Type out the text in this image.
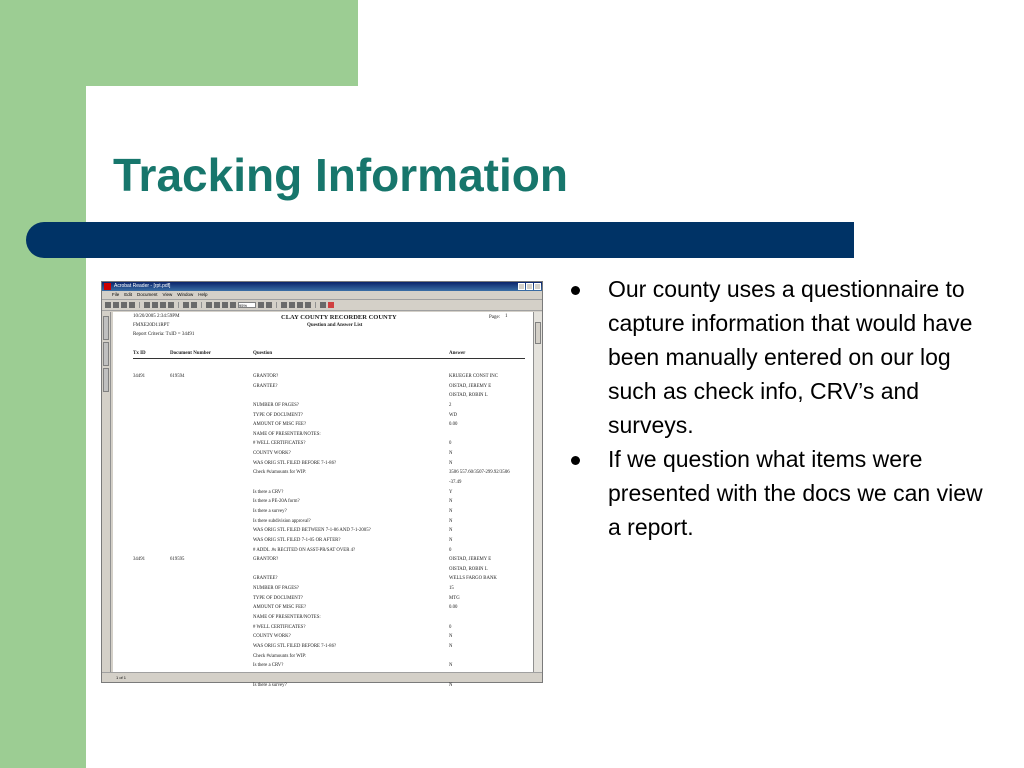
Tracking Information
Acrobat Reader - [rpt.pdf]
File Edit Document View Window Help
95%
10/20/2005 2:34:59PM
FMXE20D11RPT
Report Criteria: TxID = 34491
CLAY COUNTY RECORDER COUNTY
Question and Answer List
Page: 1
Tx ID	Document Number	Question	Answer
34491	619594	GRANTOR?	KRUEGER CONST INC
GRANTEE?	OISTAD, JEREMY E
OISTAD, ROBIN L
NUMBER OF PAGES?	2
TYPE OF DOCUMENT?	WD
AMOUNT OF MISC FEE?	0.00
NAME OF PRESENTER/NOTES:
# WELL CERTIFICATES?	0
COUNTY WORK?	N
WAS ORIG STL FILED BEFORE 7-1-86?	N
Check #s/amounts for WIP:	3506 557.60/3507-299.92/3506
-37.49
Is there a CRV?	Y
Is there a PE-20A form?	N
Is there a survey?	N
Is there subdivision approval?	N
WAS ORIG STL FILED BETWEEN 7-1-86 AND 7-1-2005?	N
WAS ORIG STL FILED 7-1-05 OR AFTER?	N
# ADDL .#s RECITED ON ASST-PR/SAT OVER 4?	0
34491	619595	GRANTOR?	OISTAD, JEREMY E
OISTAD, ROBIN L
GRANTEE?	WELLS FARGO BANK
NUMBER OF PAGES?	15
TYPE OF DOCUMENT?	MTG
AMOUNT OF MISC FEE?	0.00
NAME OF PRESENTER/NOTES:
# WELL CERTIFICATES?	0
COUNTY WORK?	N
WAS ORIG STL FILED BEFORE 7-1-86?	N
Check #s/amounts for WIP:
Is there a CRV?	N
Is there a survey?	N
1 of 1
Our county uses a questionnaire to capture information that would have been manually entered on our log such as check info, CRV’s and surveys.
If we question what items were presented with the docs we can view a report.
